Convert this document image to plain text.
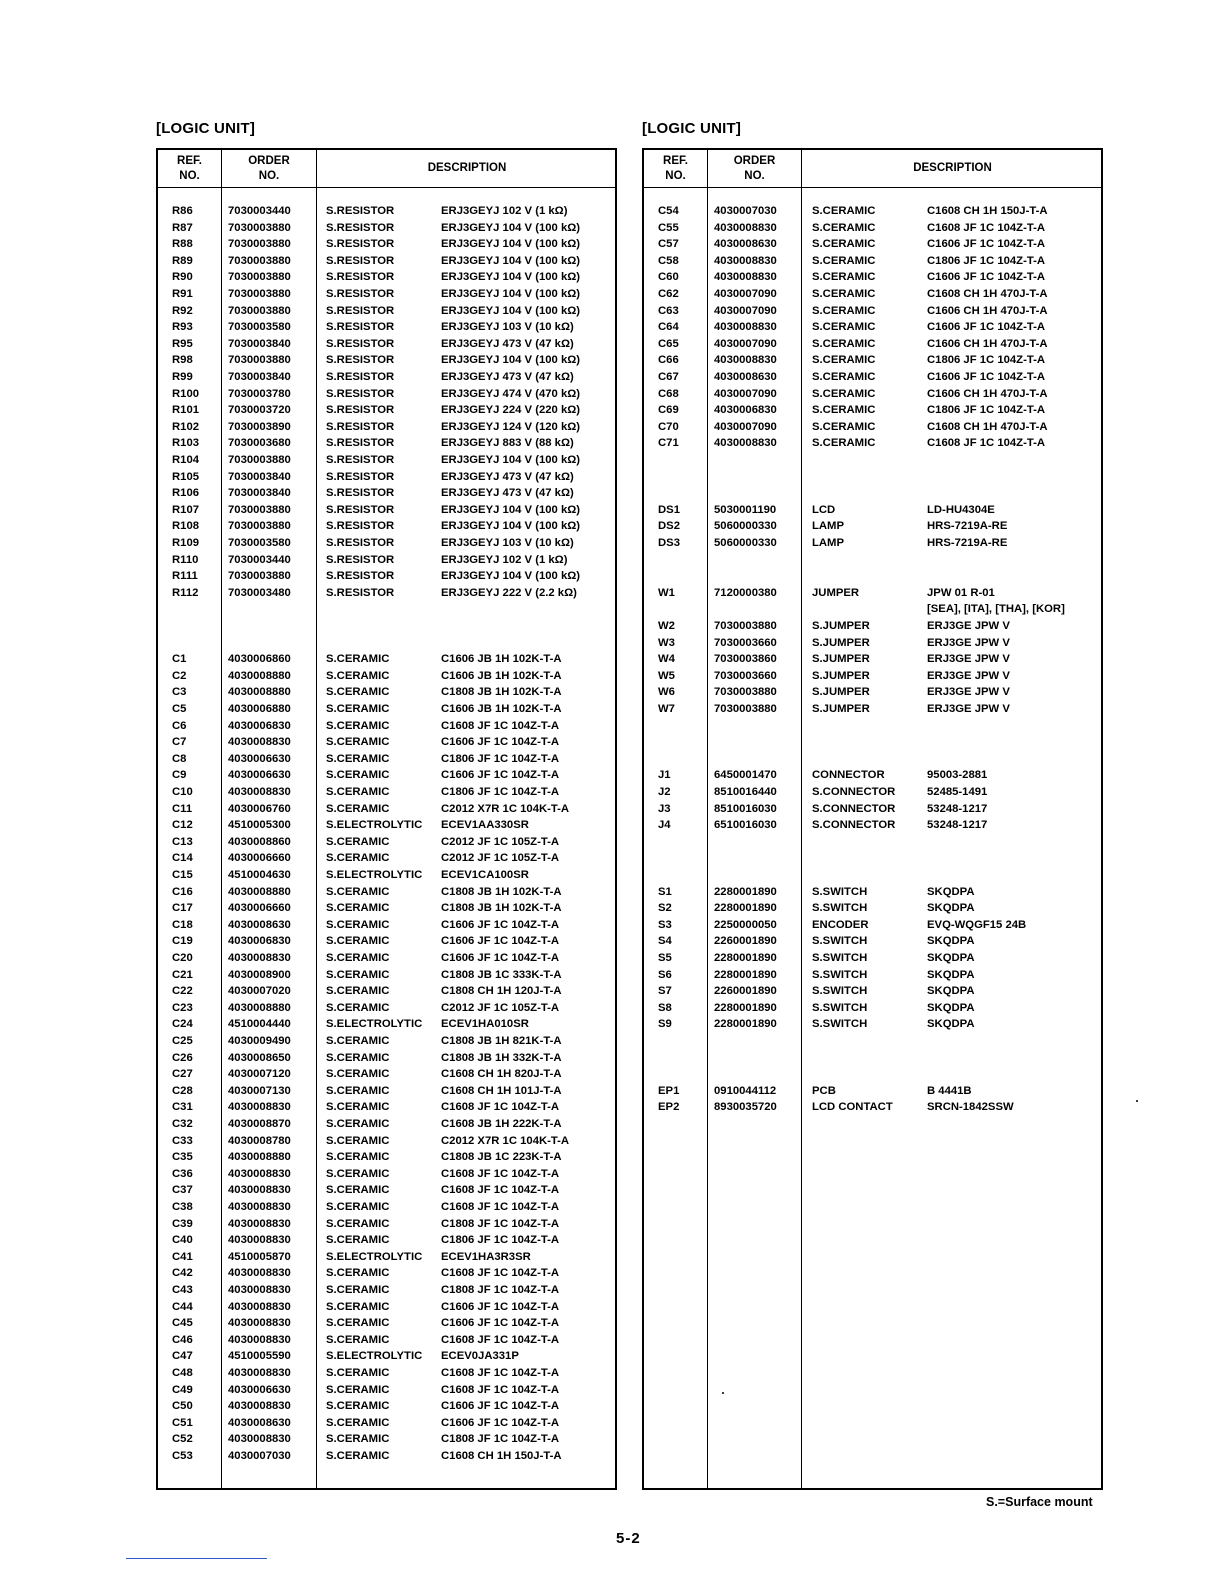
[LOGIC UNIT]	[LOGIC UNIT]
REF.
NO.
ORDER
NO.
DESCRIPTION
R86	7030003440	S.RESISTOR	ERJ3GEYJ 102 V (1 kΩ)
R87	7030003880	S.RESISTOR	ERJ3GEYJ 104 V (100 kΩ)
R88	7030003880	S.RESISTOR	ERJ3GEYJ 104 V (100 kΩ)
R89	7030003880	S.RESISTOR	ERJ3GEYJ 104 V (100 kΩ)
R90	7030003880	S.RESISTOR	ERJ3GEYJ 104 V (100 kΩ)
R91	7030003880	S.RESISTOR	ERJ3GEYJ 104 V (100 kΩ)
R92	7030003880	S.RESISTOR	ERJ3GEYJ 104 V (100 kΩ)
R93	7030003580	S.RESISTOR	ERJ3GEYJ 103 V (10 kΩ)
R95	7030003840	S.RESISTOR	ERJ3GEYJ 473 V (47 kΩ)
R98	7030003880	S.RESISTOR	ERJ3GEYJ 104 V (100 kΩ)
R99	7030003840	S.RESISTOR	ERJ3GEYJ 473 V (47 kΩ)
R100	7030003780	S.RESISTOR	ERJ3GEYJ 474 V (470 kΩ)
R101	7030003720	S.RESISTOR	ERJ3GEYJ 224 V (220 kΩ)
R102	7030003890	S.RESISTOR	ERJ3GEYJ 124 V (120 kΩ)
R103	7030003680	S.RESISTOR	ERJ3GEYJ 883 V (88 kΩ)
R104	7030003880	S.RESISTOR	ERJ3GEYJ 104 V (100 kΩ)
R105	7030003840	S.RESISTOR	ERJ3GEYJ 473 V (47 kΩ)
R106	7030003840	S.RESISTOR	ERJ3GEYJ 473 V (47 kΩ)
R107	7030003880	S.RESISTOR	ERJ3GEYJ 104 V (100 kΩ)
R108	7030003880	S.RESISTOR	ERJ3GEYJ 104 V (100 kΩ)
R109	7030003580	S.RESISTOR	ERJ3GEYJ 103 V (10 kΩ)
R110	7030003440	S.RESISTOR	ERJ3GEYJ 102 V (1 kΩ)
R111	7030003880	S.RESISTOR	ERJ3GEYJ 104 V (100 kΩ)
R112	7030003480	S.RESISTOR	ERJ3GEYJ 222 V (2.2 kΩ)
C1	4030006860	S.CERAMIC	C1606 JB 1H 102K-T-A
C2	4030008880	S.CERAMIC	C1606 JB 1H 102K-T-A
C3	4030008880	S.CERAMIC	C1808 JB 1H 102K-T-A
C5	4030006880	S.CERAMIC	C1606 JB 1H 102K-T-A
C6	4030006830	S.CERAMIC	C1608 JF 1C 104Z-T-A
C7	4030008830	S.CERAMIC	C1606 JF 1C 104Z-T-A
C8	4030006630	S.CERAMIC	C1806 JF 1C 104Z-T-A
C9	4030006630	S.CERAMIC	C1606 JF 1C 104Z-T-A
C10	4030008830	S.CERAMIC	C1806 JF 1C 104Z-T-A
C11	4030006760	S.CERAMIC	C2012 X7R 1C 104K-T-A
C12	4510005300	S.ELECTROLYTIC ECEV1AA330SR
C13	4030008860	S.CERAMIC	C2012 JF 1C 105Z-T-A
C14	4030006660	S.CERAMIC	C2012 JF 1C 105Z-T-A
C15	4510004630	S.ELECTROLYTIC ECEV1CA100SR
C16	4030008880	S.CERAMIC	C1808 JB 1H 102K-T-A
C17	4030006660	S.CERAMIC	C1808 JB 1H 102K-T-A
C18	4030008630	S.CERAMIC	C1606 JF 1C 104Z-T-A
C19	4030006830	S.CERAMIC	C1606 JF 1C 104Z-T-A
C20	4030008830	S.CERAMIC	C1606 JF 1C 104Z-T-A
C21	4030008900	S.CERAMIC	C1808 JB 1C 333K-T-A
C22	4030007020	S.CERAMIC	C1808 CH 1H 120J-T-A
C23	4030008880	S.CERAMIC	C2012 JF 1C 105Z-T-A
C24	4510004440	S.ELECTROLYTIC ECEV1HA010SR
C25	4030009490	S.CERAMIC	C1808 JB 1H 821K-T-A
C26	4030008650	S.CERAMIC	C1808 JB 1H 332K-T-A
C27	4030007120	S.CERAMIC	C1608 CH 1H 820J-T-A
C28	4030007130	S.CERAMIC	C1608 CH 1H 101J-T-A
C31	4030008830	S.CERAMIC	C1608 JF 1C 104Z-T-A
C32	4030008870	S.CERAMIC	C1608 JB 1H 222K-T-A
C33	4030008780	S.CERAMIC	C2012 X7R 1C 104K-T-A
C35	4030008880	S.CERAMIC	C1808 JB 1C 223K-T-A
C36	4030008830	S.CERAMIC	C1608 JF 1C 104Z-T-A
C37	4030008830	S.CERAMIC	C1608 JF 1C 104Z-T-A
C38	4030008830	S.CERAMIC	C1608 JF 1C 104Z-T-A
C39	4030008830	S.CERAMIC	C1808 JF 1C 104Z-T-A
C40	4030008830	S.CERAMIC	C1806 JF 1C 104Z-T-A
C41	4510005870	S.ELECTROLYTIC ECEV1HA3R3SR
C42	4030008830	S.CERAMIC	C1608 JF 1C 104Z-T-A
C43	4030008830	S.CERAMIC	C1808 JF 1C 104Z-T-A
C44	4030008830	S.CERAMIC	C1606 JF 1C 104Z-T-A
C45	4030008830	S.CERAMIC	C1606 JF 1C 104Z-T-A
C46	4030008830	S.CERAMIC	C1608 JF 1C 104Z-T-A
C47	4510005590	S.ELECTROLYTIC ECEV0JA331P
C48	4030008830	S.CERAMIC	C1608 JF 1C 104Z-T-A
C49	4030006630	S.CERAMIC	C1608 JF 1C 104Z-T-A
C50	4030008830	S.CERAMIC	C1606 JF 1C 104Z-T-A
C51	4030008630	S.CERAMIC	C1606 JF 1C 104Z-T-A
C52	4030008830	S.CERAMIC	C1808 JF 1C 104Z-T-A
C53	4030007030	S.CERAMIC	C1608 CH 1H 150J-T-A
REF.
NO.
ORDER
NO.
DESCRIPTION
C54	4030007030	S.CERAMIC	C1608 CH 1H 150J-T-A
C55	4030008830	S.CERAMIC	C1608 JF 1C 104Z-T-A
C57	4030008630	S.CERAMIC	C1606 JF 1C 104Z-T-A
C58	4030008830	S.CERAMIC	C1806 JF 1C 104Z-T-A
C60	4030008830	S.CERAMIC	C1606 JF 1C 104Z-T-A
C62	4030007090	S.CERAMIC	C1608 CH 1H 470J-T-A
C63	4030007090	S.CERAMIC	C1606 CH 1H 470J-T-A
C64	4030008830	S.CERAMIC	C1606 JF 1C 104Z-T-A
C65	4030007090	S.CERAMIC	C1606 CH 1H 470J-T-A
C66	4030008830	S.CERAMIC	C1806 JF 1C 104Z-T-A
C67	4030008630	S.CERAMIC	C1606 JF 1C 104Z-T-A
C68	4030007090	S.CERAMIC	C1606 CH 1H 470J-T-A
C69	4030006830	S.CERAMIC	C1806 JF 1C 104Z-T-A
C70	4030007090	S.CERAMIC	C1608 CH 1H 470J-T-A
C71	4030008830	S.CERAMIC	C1608 JF 1C 104Z-T-A
DS1	5030001190	LCD	LD-HU4304E
DS2	5060000330	LAMP	HRS-7219A-RE
DS3	5060000330	LAMP	HRS-7219A-RE
W1	7120000380	JUMPER	JPW 01 R-01
[SEA], [ITA], [THA], [KOR]
W2	7030003880	S.JUMPER	ERJ3GE JPW V
W3	7030003660	S.JUMPER	ERJ3GE JPW V
W4	7030003860	S.JUMPER	ERJ3GE JPW V
W5	7030003660	S.JUMPER	ERJ3GE JPW V
W6	7030003880	S.JUMPER	ERJ3GE JPW V
W7	7030003880	S.JUMPER	ERJ3GE JPW V
J1	6450001470	CONNECTOR	95003-2881
J2	8510016440	S.CONNECTOR	52485-1491
J3	8510016030	S.CONNECTOR	53248-1217
J4	6510016030	S.CONNECTOR	53248-1217
S1	2280001890	S.SWITCH	SKQDPA
S2	2280001890	S.SWITCH	SKQDPA
S3	2250000050	ENCODER	EVQ-WQGF15 24B
S4	2260001890	S.SWITCH	SKQDPA
S5	2280001890	S.SWITCH	SKQDPA
S6	2280001890	S.SWITCH	SKQDPA
S7	2260001890	S.SWITCH	SKQDPA
S8	2280001890	S.SWITCH	SKQDPA
S9	2280001890	S.SWITCH	SKQDPA
EP1	0910044112	PCB	B 4441B
EP2	8930035720	LCD CONTACT	SRCN-1842SSW
S.=Surface mount
5-2
